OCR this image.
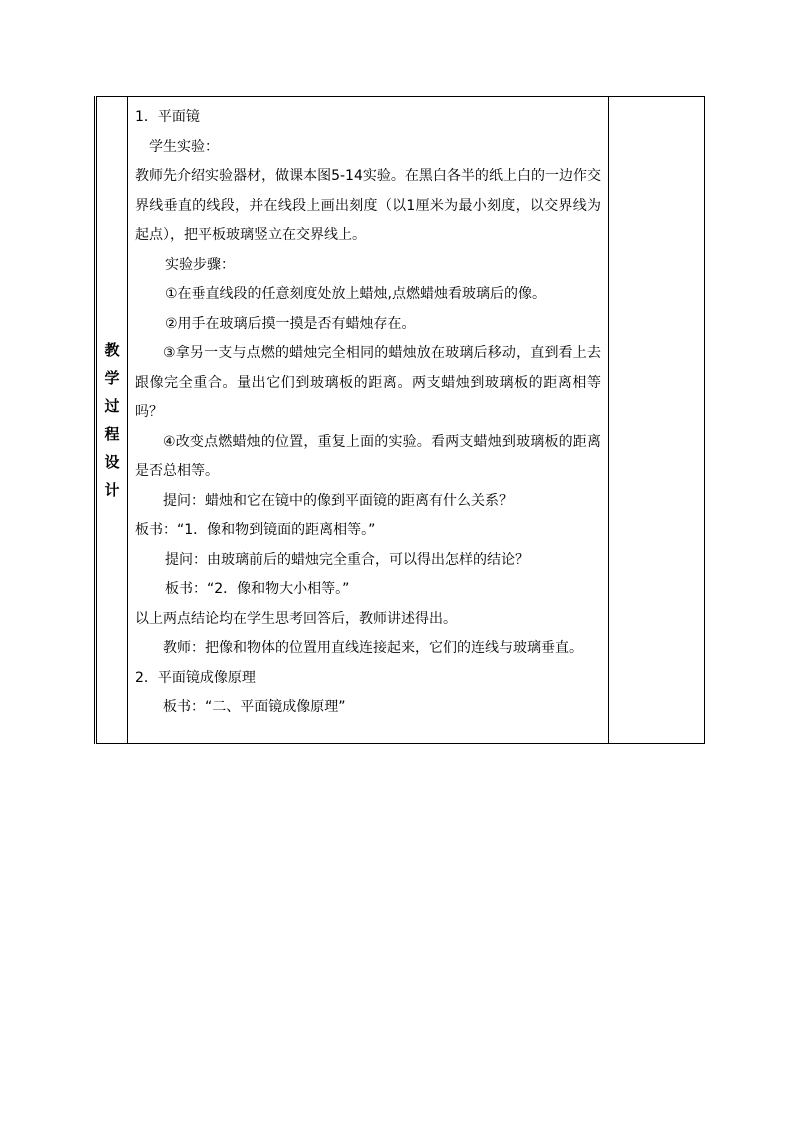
教学过程设计

1．平面镜
学生实验：

教师先介绍实验器材，做课本图5-14实验。在黑白各半的纸上白的一边作交界线垂直的线段，并在线段上画出刻度（以1厘米为最小刻度，以交界线为起点），把平板玻璃竖立在交界线上。

实验步骤：
①在垂直线段的任意刻度处放上蜡烛,点燃蜡烛看玻璃后的像。
②用手在玻璃后摸一摸是否有蜡烛存在。

③拿另一支与点燃的蜡烛完全相同的蜡烛放在玻璃后移动，直到看上去跟像完全重合。量出它们到玻璃板的距离。两支蜡烛到玻璃板的距离相等吗？

④改变点燃蜡烛的位置，重复上面的实验。看两支蜡烛到玻璃板的距离是否总相等。

提问：蜡烛和它在镜中的像到平面镜的距离有什么关系？
板书：“1．像和物到镜面的距离相等。”
提问：由玻璃前后的蜡烛完全重合，可以得出怎样的结论？
板书：“2．像和物大小相等。”
以上两点结论均在学生思考回答后，教师讲述得出。

教师：把像和物体的位置用直线连接起来，它们的连线与玻璃垂直。

2．平面镜成像原理
板书：“二、平面镜成像原理”
